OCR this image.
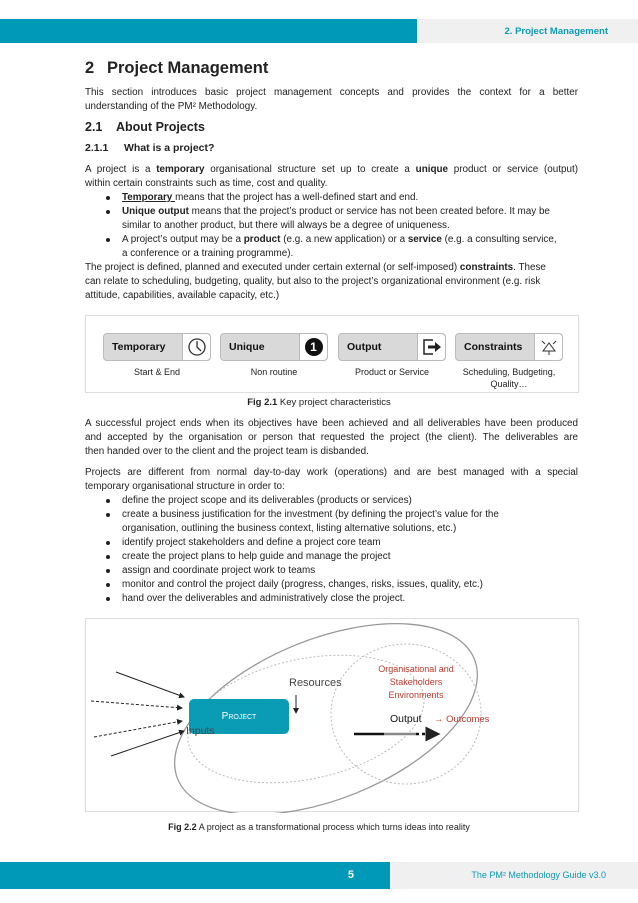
2. Project Management
2 Project Management
This section introduces basic project management concepts and provides the context for a better
understanding of the PM² Methodology.
2.1 About Projects
2.1.1 What is a project?
A project is a temporary organisational structure set up to create a unique product or service (output)
within certain constraints such as time, cost and quality.
Temporary means that the project has a well-defined start and end.
Unique output means that the project’s product or service has not been created before. It may be
similar to another product, but there will always be a degree of uniqueness.
A project’s output may be a product (e.g. a new application) or a service (e.g. a consulting service,
a conference or a training programme).
The project is defined, planned and executed under certain external (or self-imposed) constraints. These
can relate to scheduling, budgeting, quality, but also to the project’s organizational environment (e.g. risk
attitude, capabilities, available capacity, etc.)
Temporary	Unique	1	Output	Constraints
Start & End	Non routine	Product or Service	Scheduling, Budgeting,
Quality…
Fig 2.1 Key project characteristics
A successful project ends when its objectives have been achieved and all deliverables have been produced
and accepted by the organisation or person that requested the project (the client). The deliverables are
then handed over to the client and the project team is disbanded.
Projects are different from normal day-to-day work (operations) and are best managed with a special
temporary organisational structure in order to:
define the project scope and its deliverables (products or services)
create a business justification for the investment (by defining the project’s value for the
organisation, outlining the business context, listing alternative solutions, etc.)
identify project stakeholders and define a project core team
create the project plans to help guide and manage the project
assign and coordinate project work to teams
monitor and control the project daily (progress, changes, risks, issues, quality, etc.)
hand over the deliverables and administratively close the project.
Project
Resources
Inputs
Output → Outcomes
Organisational and
Stakeholders
Environments
Fig 2.2 A project as a transformational process which turns ideas into reality
5	The PM² Methodology Guide v3.0
